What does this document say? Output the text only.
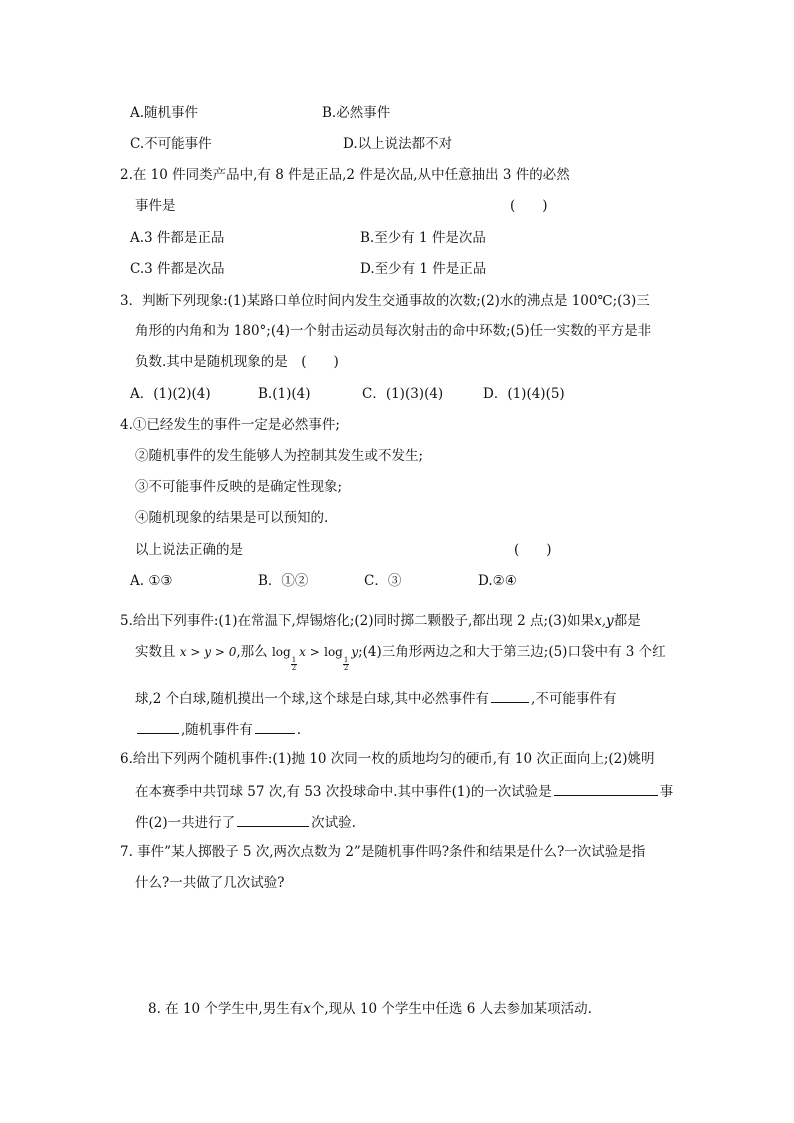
A.随机事件	B.必然事件
C.不可能事件	D.以上说法都不对
2.在 10 件同类产品中,有 8 件是正品,2 件是次品,从中任意抽出 3 件的必然
事件是	(　　)
A.3 件都是正品	B.至少有 1 件是次品
C.3 件都是次品	D.至少有 1 件是正品
3．判断下列现象:(1)某路口单位时间内发生交通事故的次数;(2)水的沸点是 100℃;(3)三
角形的内角和为 180°;(4)一个射击运动员每次射击的命中环数;(5)任一实数的平方是非
负数.其中是随机现象的是　(　　)
A．(1)(2)(4)	B.(1)(4)	C．(1)(3)(4)	D．(1)(4)(5)
4.①已经发生的事件一定是必然事件;
②随机事件的发生能够人为控制其发生或不发生;
③不可能事件反映的是确定性现象;
④随机现象的结果是可以预知的.
以上说法正确的是	(　　)
A. ①③	B．①②	C．③	D.②④
5.给出下列事件:(1)在常温下,焊锡熔化;(2)同时掷二颗骰子,都出现 2 点;(3)如果x,y都是
实数且 x > y > 0,那么 log
$\frac{1}{2}$
x > log
$\frac{1}{2}$
y;(4)三角形两边之和大于第三边;(5)口袋中有 3 个红
球,2 个白球,随机摸出一个球,这个球是白球,其中必然事件有	,不可能事件有
,随机事件有	.
6.给出下列两个随机事件:(1)抛 10 次同一枚的质地均匀的硬币,有 10 次正面向上;(2)姚明
在本赛季中共罚球 57 次,有 53 次投球命中.其中事件(1)的一次试验是	事
件(2)一共进行了	次试验.
7. 事件”某人掷骰子 5 次,两次点数为 2”是随机事件吗?条件和结果是什么?一次试验是指
什么?一共做了几次试验?
8. 在 10 个学生中,男生有x个,现从 10 个学生中任选 6 人去参加某项活动.
